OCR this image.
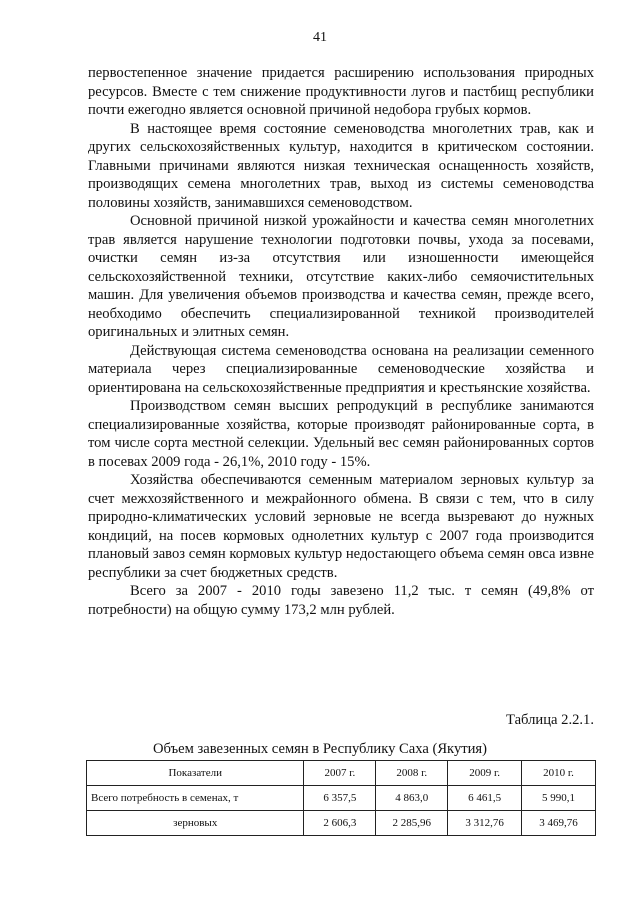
41

первостепенное значение придается расширению использования природных ресурсов. Вместе с тем снижение продуктивности лугов и пастбищ республики почти ежегодно является основной причиной недобора грубых кормов.

В настоящее время состояние семеноводства многолетних трав, как и других сельскохозяйственных культур, находится в критическом состоянии. Главными причинами являются низкая техническая оснащенность хозяйств, производящих семена многолетних трав, выход из системы семеноводства половины хозяйств, занимавшихся семеноводством.

Основной причиной низкой урожайности и качества семян многолетних трав является нарушение технологии подготовки почвы, ухода за посевами, очистки семян из-за отсутствия или изношенности имеющейся сельскохозяйственной техники, отсутствие каких-либо семяочистительных машин. Для увеличения объемов производства и качества семян, прежде всего, необходимо обеспечить специализированной техникой производителей оригинальных и элитных семян.

Действующая система семеноводства основана на реализации семенного материала через специализированные семеноводческие хозяйства и ориентирована на сельскохозяйственные предприятия и крестьянские хозяйства.

Производством семян высших репродукций в республике занимаются специализированные хозяйства, которые производят районированные сорта, в том числе сорта местной селекции. Удельный вес семян районированных сортов в посевах 2009 года - 26,1%, 2010 году - 15%.

Хозяйства обеспечиваются семенным материалом зерновых культур за счет межхозяйственного и межрайонного обмена. В связи с тем, что в силу природно-климатических условий зерновые не всегда вызревают до нужных кондиций, на посев кормовых однолетних культур с 2007 года производится плановый завоз семян кормовых культур недостающего объема семян овса извне республики за счет бюджетных средств.

Всего за 2007 - 2010 годы завезено 11,2 тыс. т семян (49,8% от потребности) на общую сумму 173,2 млн рублей.

Таблица 2.2.1.
Объем завезенных семян в Республику Саха (Якутия)
Показатели	2007 г.	2008 г.	2009 г.	2010 г.
Всего потребность в семенах, т	6 357,5	4 863,0	6 461,5	5 990,1
зерновых	2 606,3	2 285,96	3 312,76	3 469,76
